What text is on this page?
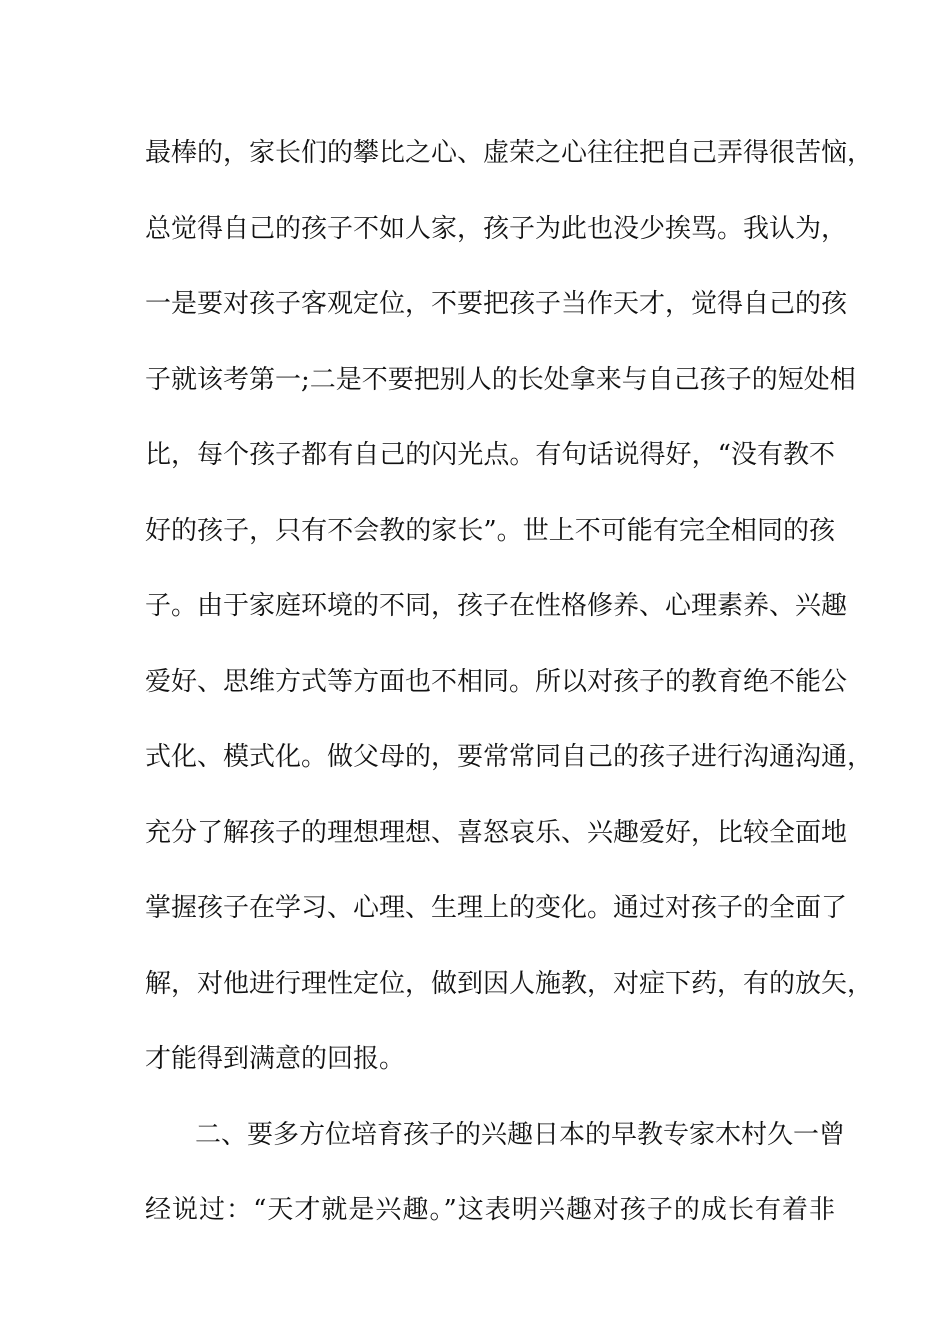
最棒的，家长们的攀比之心、虚荣之心往往把自己弄得很苦恼，
总觉得自己的孩子不如人家，孩子为此也没少挨骂。我认为，
一是要对孩子客观定位，不要把孩子当作天才，觉得自己的孩
子就该考第一;二是不要把别人的长处拿来与自己孩子的短处相
比，每个孩子都有自己的闪光点。有句话说得好，“没有教不
好的孩子，只有不会教的家长”。世上不可能有完全相同的孩
子。由于家庭环境的不同，孩子在性格修养、心理素养、兴趣
爱好、思维方式等方面也不相同。所以对孩子的教育绝不能公
式化、模式化。做父母的，要常常同自己的孩子进行沟通沟通，
充分了解孩子的理想理想、喜怒哀乐、兴趣爱好，比较全面地
掌握孩子在学习、心理、生理上的变化。通过对孩子的全面了
解，对他进行理性定位，做到因人施教，对症下药，有的放矢，
才能得到满意的回报。
二、要多方位培育孩子的兴趣日本的早教专家木村久一曾
经说过：“天才就是兴趣。”这表明兴趣对孩子的成长有着非
